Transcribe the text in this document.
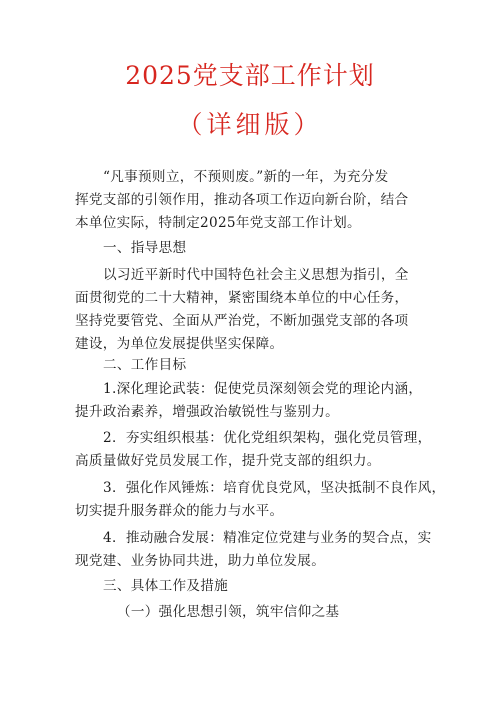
2025党支部工作计划
（详细版）
“凡事预则立，不预则废。”新的一年，为充分发
挥党支部的引领作用，推动各项工作迈向新台阶，结合
本单位实际，特制定2025年党支部工作计划。
一、指导思想
以习近平新时代中国特色社会主义思想为指引，全
面贯彻党的二十大精神，紧密围绕本单位的中心任务，
坚持党要管党、全面从严治党，不断加强党支部的各项
建设，为单位发展提供坚实保障。
二、工作目标
1.深化理论武装：促使党员深刻领会党的理论内涵，
提升政治素养，增强政治敏锐性与鉴别力。
2．夯实组织根基：优化党组织架构，强化党员管理，
高质量做好党员发展工作，提升党支部的组织力。
3．强化作风锤炼：培育优良党风，坚决抵制不良作风，
切实提升服务群众的能力与水平。
4．推动融合发展：精准定位党建与业务的契合点，实
现党建、业务协同共进，助力单位发展。
三、具体工作及措施
（一）强化思想引领，筑牢信仰之基
